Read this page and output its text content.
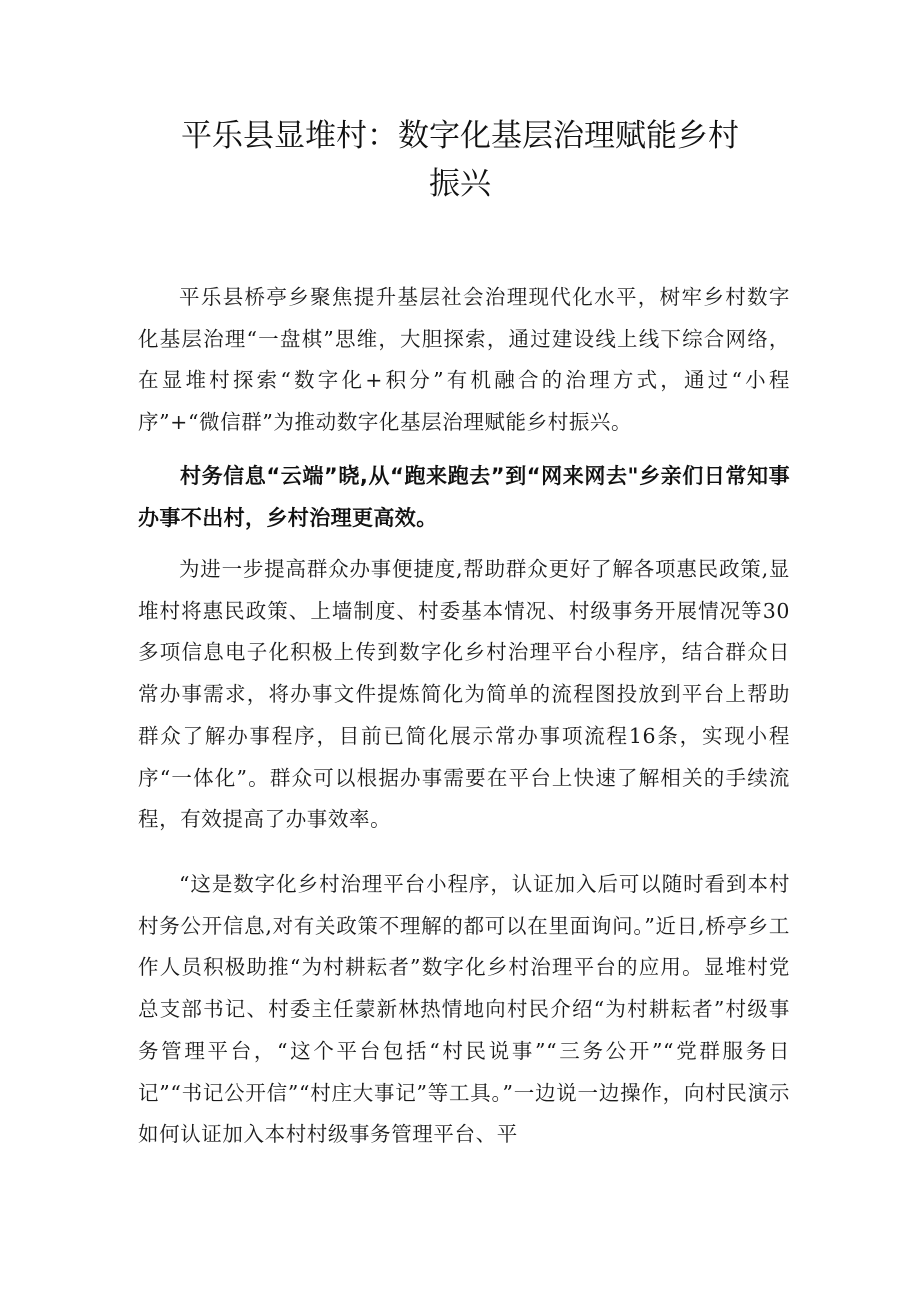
平乐县显堆村：数字化基层治理赋能乡村
振兴

平乐县桥亭乡聚焦提升基层社会治理现代化水平，树牢乡村数字化基层治理“一盘棋”思维，大胆探索，通过建设线上线下综合网络，在显堆村探索“数字化+积分”有机融合的治理方式，通过“小程序”+“微信群”为推动数字化基层治理赋能乡村振兴。

村务信息“云端”晓,从“跑来跑去”到“网来网去"乡亲们日常知事办事不出村，乡村治理更高效。

为进一步提高群众办事便捷度,帮助群众更好了解各项惠民政策,显堆村将惠民政策、上墙制度、村委基本情况、村级事务开展情况等30多项信息电子化积极上传到数字化乡村治理平台小程序，结合群众日常办事需求，将办事文件提炼简化为简单的流程图投放到平台上帮助群众了解办事程序，目前已简化展示常办事项流程16条，实现小程序“一体化”。群众可以根据办事需要在平台上快速了解相关的手续流程，有效提高了办事效率。

“这是数字化乡村治理平台小程序，认证加入后可以随时看到本村村务公开信息,对有关政策不理解的都可以在里面询问。”近日,桥亭乡工作人员积极助推“为村耕耘者”数字化乡村治理平台的应用。显堆村党总支部书记、村委主任蒙新林热情地向村民介绍“为村耕耘者”村级事务管理平台，“这个平台包括“村民说事”“三务公开”“党群服务日记”“书记公开信”“村庄大事记”等工具。”一边说一边操作，向村民演示如何认证加入本村村级事务管理平台、平
